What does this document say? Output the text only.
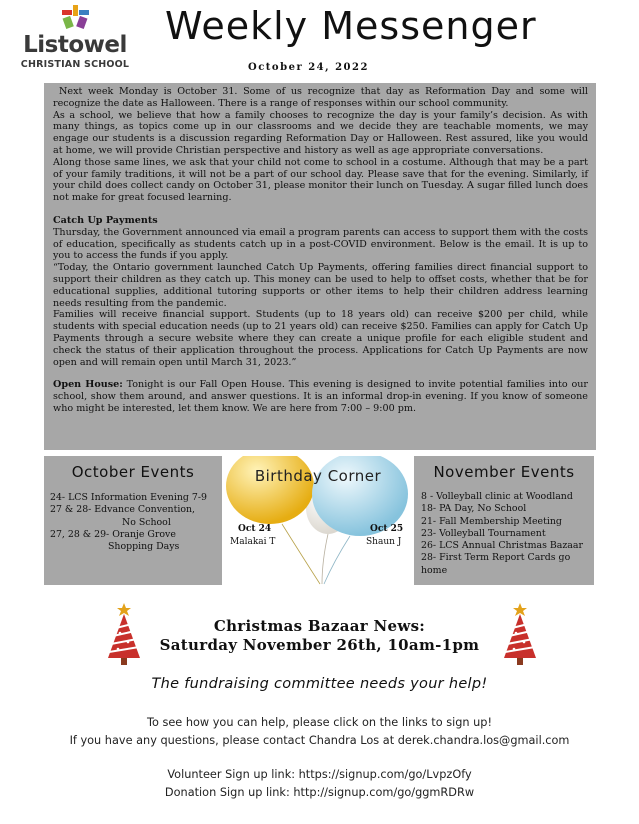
Listowel
CHRISTIAN SCHOOL
Weekly Messenger
October 24, 2022

Next week Monday is October 31. Some of us recognize that day as Reformation Day and some will recognize the date as Halloween. There is a range of responses within our school community.

As a school, we believe that how a family chooses to recognize the day is your family’s decision. As with many things, as topics come up in our classrooms and we decide they are teachable moments, we may engage our students is a discussion regarding Reformation Day or Halloween. Rest assured, like you would at home, we will provide Christian perspective and history as well as age appropriate conversations.

Along those same lines, we ask that your child not come to school in a costume. Although that may be a part of your family traditions, it will not be a part of our school day. Please save that for the evening. Similarly, if your child does collect candy on October 31, please monitor their lunch on Tuesday. A sugar filled lunch does not make for great focused learning.

Catch Up Payments

Thursday, the Government announced via email a program parents can access to support them with the costs of education, specifically as students catch up in a post-COVID environment. Below is the email. It is up to you to access the funds if you apply.

“Today, the Ontario government launched Catch Up Payments, offering families direct financial support to support their children as they catch up. This money can be used to help to offset costs, whether that be for educational supplies, additional tutoring supports or other items to help their children address learning needs resulting from the pandemic.

Families will receive financial support. Students (up to 18 years old) can receive $200 per child, while students with special education needs (up to 21 years old) can receive $250. Families can apply for Catch Up Payments through a secure website where they can create a unique profile for each eligible student and check the status of their application throughout the process. Applications for Catch Up Payments are now open and will remain open until March 31, 2023.”

Open House: Tonight is our Fall Open House. This evening is designed to invite potential families into our school, show them around, and answer questions. It is an informal drop-in evening. If you know of someone who might be interested, let them know. We are here from 7:00 – 9:00 pm.

October Events
24- LCS Information Evening 7-9
27 & 28- Edvance Convention,
No School
27, 28 & 29- Oranje Grove
Shopping Days
Birthday Corner
Oct 24
Malakai T
Oct 25
Shaun J
November Events
8 - Volleyball clinic at Woodland
18- PA Day, No School
21- Fall Membership Meeting
23- Volleyball Tournament
26- LCS Annual Christmas Bazaar
28- First Term Report Cards go
home
Christmas Bazaar News:
Saturday November 26th, 10am-1pm
The fundraising committee needs your help!
To see how you can help, please click on the links to sign up!
If you have any questions, please contact Chandra Los at derek.chandra.los@gmail.com
Volunteer Sign up link: https://signup.com/go/LvpzOfy
Donation Sign up link: http://signup.com/go/ggmRDRw
